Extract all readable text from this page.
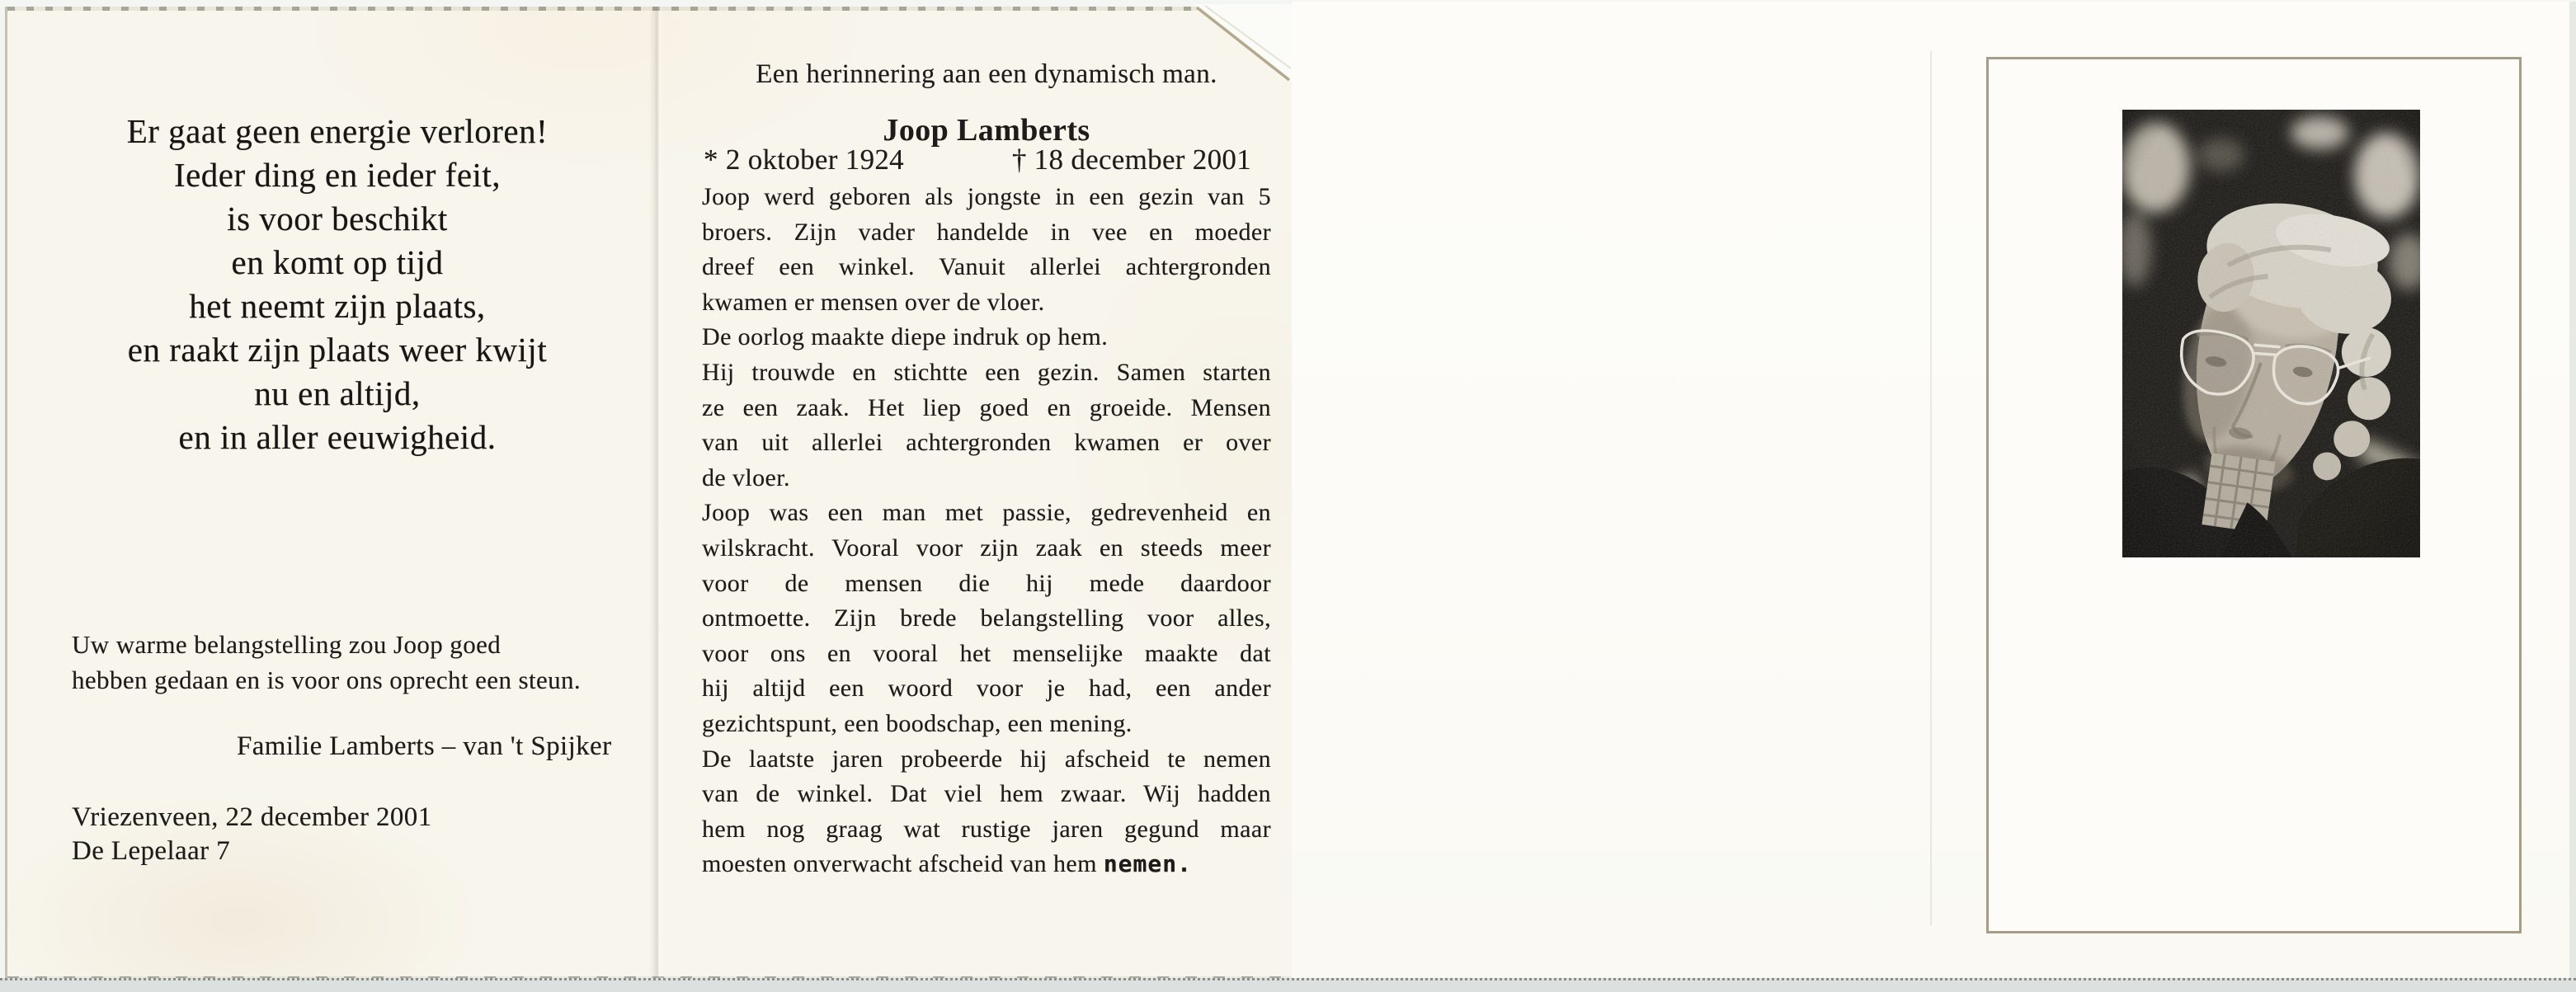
Er gaat geen energie verloren!
Ieder ding en ieder feit,
is voor beschikt
en komt op tijd
het neemt zijn plaats,
en raakt zijn plaats weer kwijt
nu en altijd,
en in aller eeuwigheid.
Uw warme belangstelling zou Joop goed
hebben gedaan en is voor ons oprecht een steun.
Familie Lamberts – van 't Spijker
Vriezenveen, 22 december 2001
De Lepelaar 7
Een herinnering aan een dynamisch man.
Joop Lamberts
* 2 oktober 1924	† 18 december 2001
Joop werd geboren als jongste in een gezin van 5
broers. Zijn vader handelde in vee en moeder
dreef een winkel. Vanuit allerlei achtergronden
kwamen er mensen over de vloer.
De oorlog maakte diepe indruk op hem.
Hij trouwde en stichtte een gezin. Samen starten
ze een zaak. Het liep goed en groeide. Mensen
van uit allerlei achtergronden kwamen er over
de vloer.
Joop was een man met passie, gedrevenheid en
wilskracht. Vooral voor zijn zaak en steeds meer
voor de mensen die hij mede daardoor
ontmoette. Zijn brede belangstelling voor alles,
voor ons en vooral het menselijke maakte dat
hij altijd een woord voor je had, een ander
gezichtspunt, een boodschap, een mening.
De laatste jaren probeerde hij afscheid te nemen
van de winkel. Dat viel hem zwaar. Wij hadden
hem nog graag wat rustige jaren gegund maar
moesten onverwacht afscheid van hem nemen.
